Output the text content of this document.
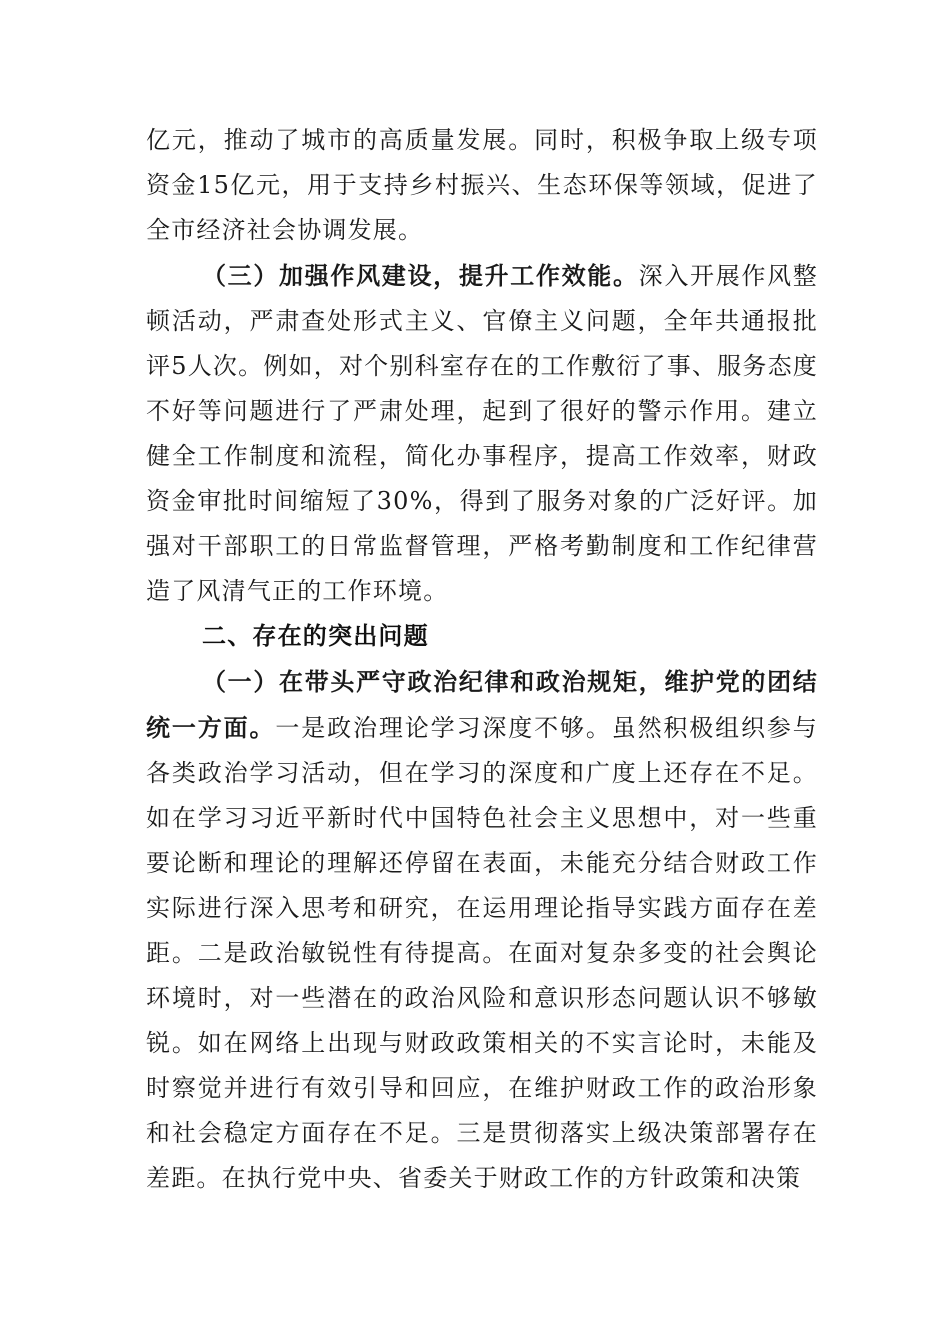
亿元，推动了城市的高质量发展。同时，积极争取上级专项资金15亿元，用于支持乡村振兴、生态环保等领域，促进了全市经济社会协调发展。

（三）加强作风建设，提升工作效能。深入开展作风整顿活动，严肃查处形式主义、官僚主义问题，全年共通报批评5人次。例如，对个别科室存在的工作敷衍了事、服务态度不好等问题进行了严肃处理，起到了很好的警示作用。建立健全工作制度和流程，简化办事程序，提高工作效率，财政资金审批时间缩短了30%，得到了服务对象的广泛好评。加强对干部职工的日常监督管理，严格考勤制度和工作纪律营造了风清气正的工作环境。

二、存在的突出问题

（一）在带头严守政治纪律和政治规矩，维护党的团结统一方面。一是政治理论学习深度不够。虽然积极组织参与各类政治学习活动，但在学习的深度和广度上还存在不足。如在学习习近平新时代中国特色社会主义思想中，对一些重要论断和理论的理解还停留在表面，未能充分结合财政工作实际进行深入思考和研究，在运用理论指导实践方面存在差距。二是政治敏锐性有待提高。在面对复杂多变的社会舆论环境时，对一些潜在的政治风险和意识形态问题认识不够敏锐。如在网络上出现与财政政策相关的不实言论时，未能及时察觉并进行有效引导和回应，在维护财政工作的政治形象和社会稳定方面存在不足。三是贯彻落实上级决策部署存在差距。在执行党中央、省委关于财政工作的方针政策和决策
